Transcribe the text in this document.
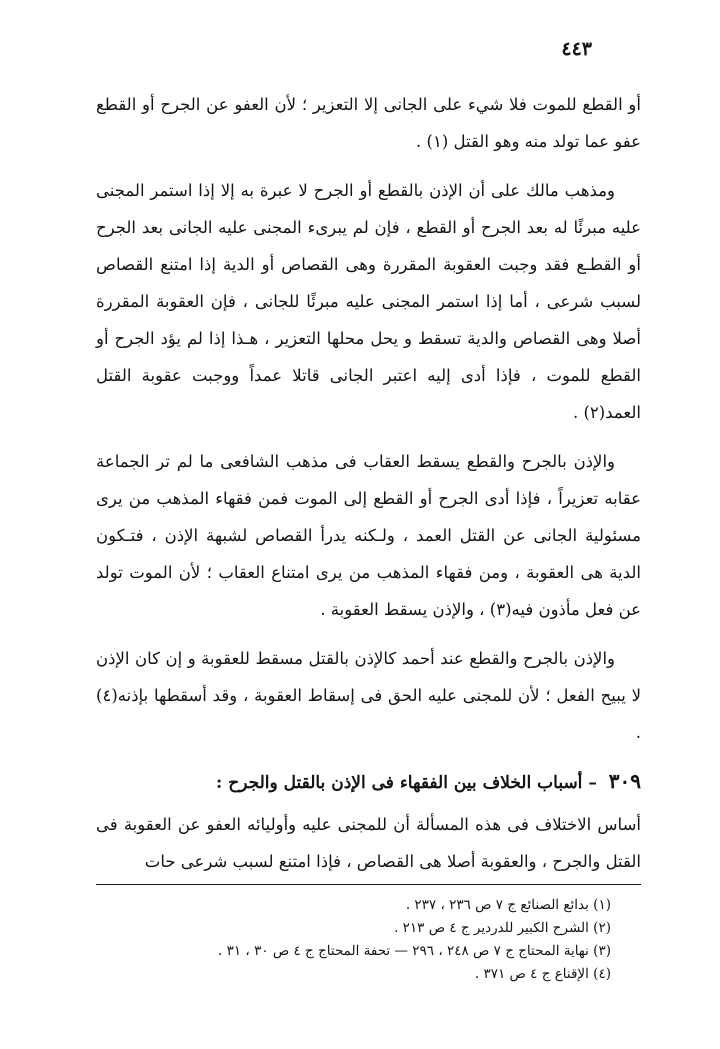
٤٤٣

أو القطع للموت فلا شيء على الجانى إلا التعزير ؛ لأن العفو عن الجرح أو القطع عفو عما تولد منه وهو القتل (١) .

ومذهب مالك على أن الإذن بالقطع أو الجرح لا عبرة به إلا إذا استمر المجنى عليه مبرئًا له بعد الجرح أو القطع ، فإن لم يبرىء المجنى عليه الجانى بعد الجرح أو القطـع فقد وجبت العقوبة المقررة وهى القصاص أو الدية إذا امتنع القصاص لسبب شرعى ، أما إذا استمر المجنى عليه مبرئًا للجانى ، فإن العقوبة المقررة أصلا وهى القصاص والدية تسقط و يحل محلها التعزير ، هـذا إذا لم يؤد الجرح أو القطع للموت ، فإذا أدى إليه اعتبر الجانى قاتلا عمداً ووجبت عقوبة القتل العمد(٢) .

والإذن بالجرح والقطع يسقط العقاب فى مذهب الشافعى ما لم تر الجماعة عقابه تعزيراً ، فإذا أدى الجرح أو القطع إلى الموت فمن فقهاء المذهب من يرى مسئولية الجانى عن القتل العمد ، ولـكنه يدرأ القصاص لشبهة الإذن ، فتـكون الدية هى العقوبة ، ومن فقهاء المذهب من يرى امتناع العقاب ؛ لأن الموت تولد عن فعل مأذون فيه(٣) ، والإذن يسقط العقوبة .

والإذن بالجرح والقطع عند أحمد كالإذن بالقتل مسقط للعقوبة و إن كان الإذن لا يبيح الفعل ؛ لأن للمجنى عليه الحق فى إسقاط العقوبة ، وقد أسقطها بإذنه(٤) .

٣٠٩ – أسباب الخلاف بين الفقهاء فى الإذن بالقتل والجرح :

أساس الاختلاف فى هذه المسألة أن للمجنى عليه وأوليائه العفو عن العقوبة فى القتل والجرح ، والعقوبة أصلا هى القصاص ، فإذا امتنع لسبب شرعى حات

(١) بدائع الصنائع ج ٧ ص ٢٣٦ ، ٢٣٧ .
(٢) الشرح الكبير للدردير ج ٤ ص ٢١٣ .
(٣) نهاية المحتاج ج ٧ ص ٢٤٨ ، ٢٩٦ — تحفة المحتاج ج ٤ ص ٣٠ ، ٣١ .
(٤) الإقناع ج ٤ ص ٣٧١ .
